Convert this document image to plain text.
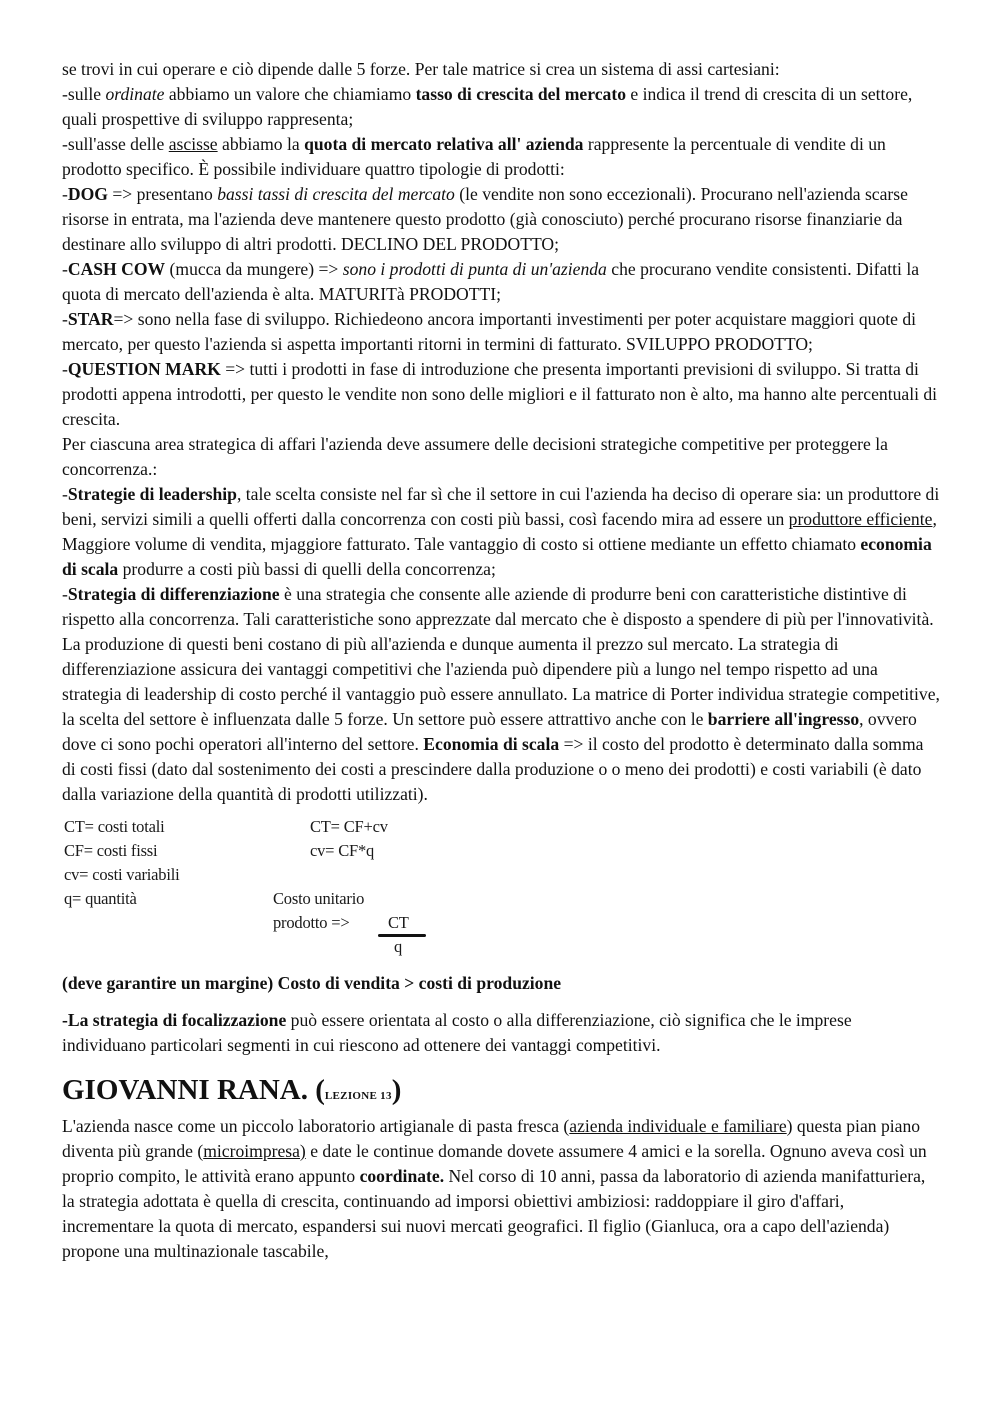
se trovi in cui operare e ciò dipende dalle 5 forze. Per tale matrice si crea un sistema di assi cartesiani:

-sulle ordinate abbiamo un valore che chiamiamo tasso di crescita del mercato e indica il trend di crescita di un settore, quali prospettive di sviluppo rappresenta;

-sull'asse delle ascisse abbiamo la quota di mercato relativa all' azienda rappresente la percentuale di vendite di un prodotto specifico. È possibile individuare quattro tipologie di prodotti:

-DOG => presentano bassi tassi di crescita del mercato (le vendite non sono eccezionali). Procurano nell'azienda scarse risorse in entrata, ma l'azienda deve mantenere questo prodotto (già conosciuto) perché procurano risorse finanziarie da destinare allo sviluppo di altri prodotti. DECLINO DEL PRODOTTO;

-CASH COW (mucca da mungere) => sono i prodotti di punta di un'azienda che procurano vendite consistenti. Difatti la quota di mercato dell'azienda è alta. MATURITà PRODOTTI;

-STAR=> sono nella fase di sviluppo. Richiedeono ancora importanti investimenti per poter acquistare maggiori quote di mercato, per questo l'azienda si aspetta importanti ritorni in termini di fatturato. SVILUPPO PRODOTTO;

-QUESTION MARK => tutti i prodotti in fase di introduzione che presenta importanti previsioni di sviluppo. Si tratta di prodotti appena introdotti, per questo le vendite non sono delle migliori e il fatturato non è alto, ma hanno alte percentuali di crescita.

Per ciascuna area strategica di affari l'azienda deve assumere delle decisioni strategiche competitive per proteggere la concorrenza.:

-Strategie di leadership, tale scelta consiste nel far sì che il settore in cui l'azienda ha deciso di operare sia: un produttore di beni, servizi simili a quelli offerti dalla concorrenza con costi più bassi, così facendo mira ad essere un produttore efficiente, Maggiore volume di vendita, mjaggiore fatturato. Tale vantaggio di costo si ottiene mediante un effetto chiamato economia di scala produrre a costi più bassi di quelli della concorrenza;

-Strategia di differenziazione è una strategia che consente alle aziende di produrre beni con caratteristiche distintive di rispetto alla concorrenza. Tali caratteristiche sono apprezzate dal mercato che è disposto a spendere di più per l'innovatività. La produzione di questi beni costano di più all'azienda e dunque aumenta il prezzo sul mercato. La strategia di differenziazione assicura dei vantaggi competitivi che l'azienda può dipendere più a lungo nel tempo rispetto ad una strategia di leadership di costo perché il vantaggio può essere annullato. La matrice di Porter individua strategie competitive, la scelta del settore è influenzata dalle 5 forze. Un settore può essere attrattivo anche con le barriere all'ingresso, ovvero dove ci sono pochi operatori all'interno del settore. Economia di scala => il costo del prodotto è determinato dalla somma di costi fissi (dato dal sostenimento dei costi a prescindere dalla produzione o o meno dei prodotti) e costi variabili (è dato dalla variazione della quantità di prodotti utilizzati).

CT= costi totali
CF= costi fissi
cv= costi variabili
q= quantità
CT= CF+cv
cv= CF*q
Costo unitario
prodotto =>	CT
q

(deve garantire un margine) Costo di vendita > costi di produzione

-La strategia di focalizzazione può essere orientata al costo o alla differenziazione, ciò significa che le imprese individuano particolari segmenti in cui riescono ad ottenere dei vantaggi competitivi.

GIOVANNI RANA. (LEZIONE 13)

L'azienda nasce come un piccolo laboratorio artigianale di pasta fresca (azienda individuale e familiare) questa pian piano diventa più grande (microimpresa) e date le continue domande dovete assumere 4 amici e la sorella. Ognuno aveva così un proprio compito, le attività erano appunto coordinate. Nel corso di 10 anni, passa da laboratorio di azienda manifatturiera, la strategia adottata è quella di crescita, continuando ad imporsi obiettivi ambiziosi: raddoppiare il giro d'affari, incrementare la quota di mercato, espandersi sui nuovi mercati geografici. Il figlio (Gianluca, ora a capo dell'azienda) propone una multinazionale tascabile,
